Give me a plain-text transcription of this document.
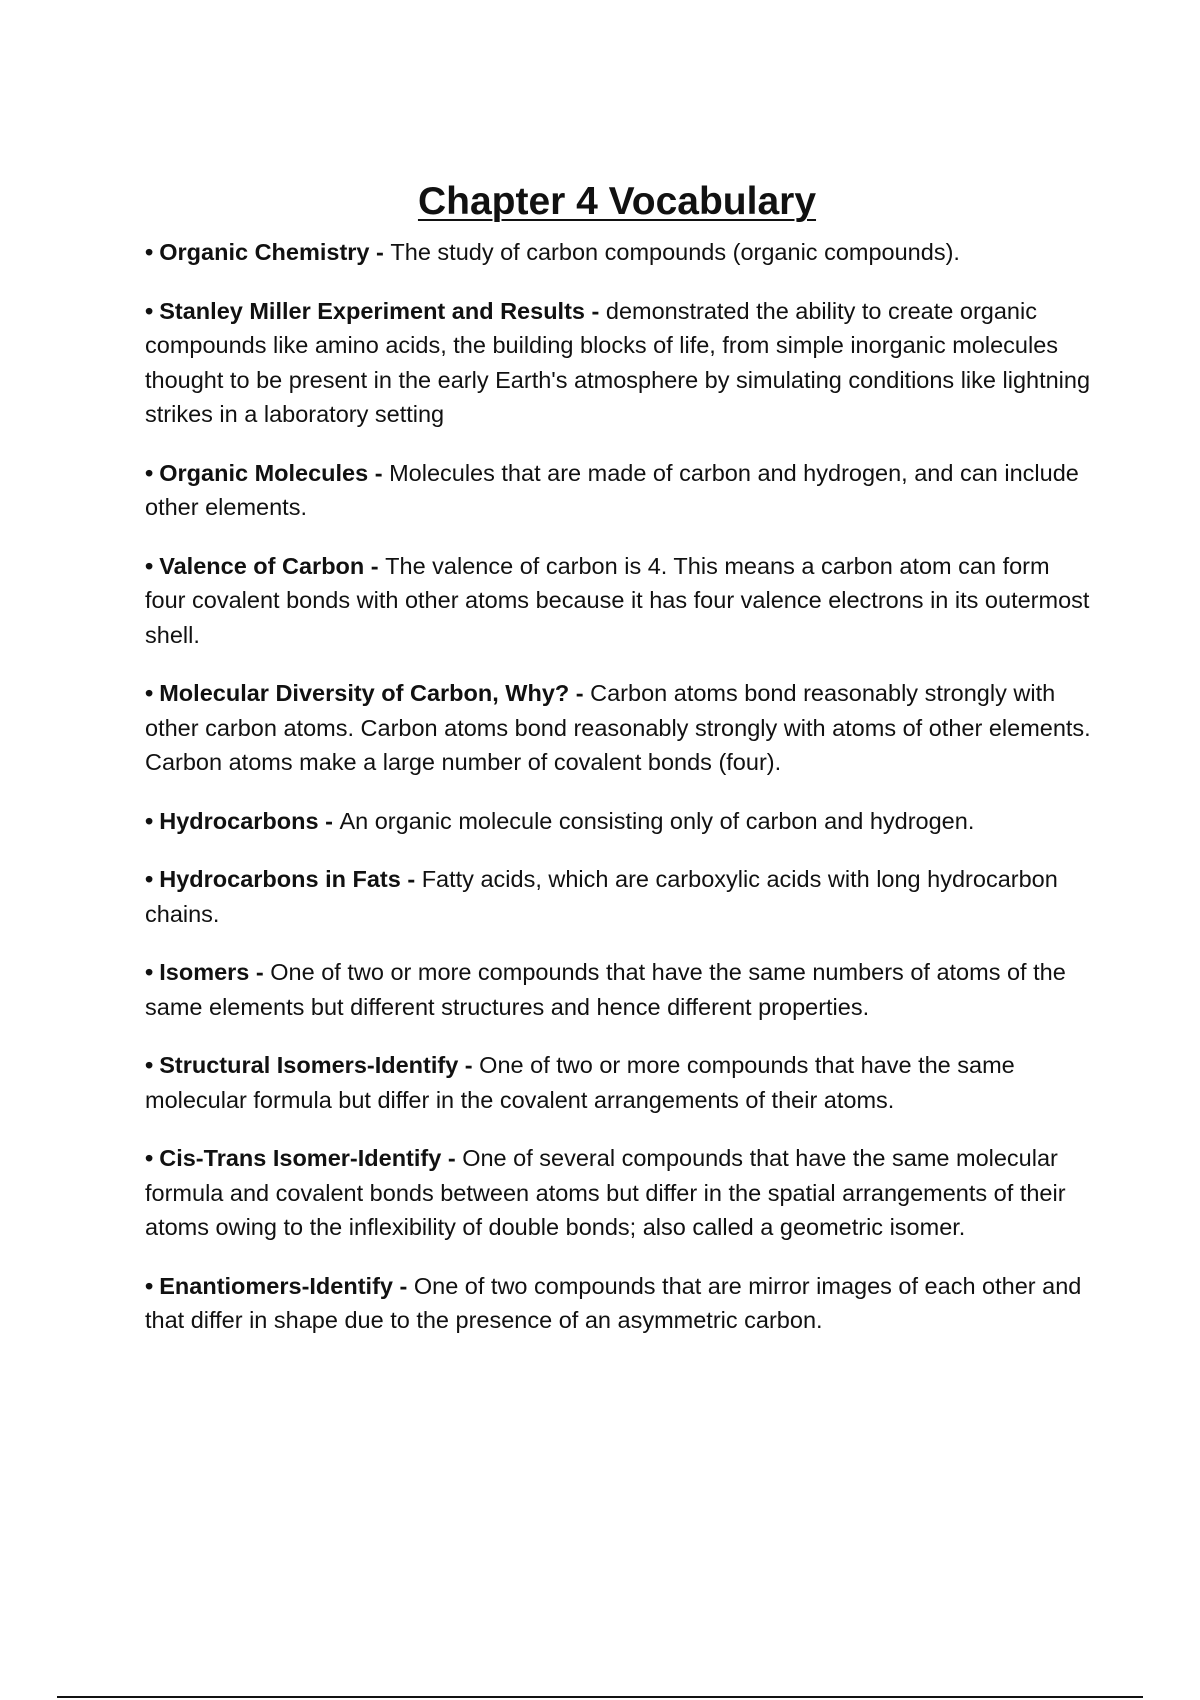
Chapter 4 Vocabulary
• Organic Chemistry - The study of carbon compounds (organic compounds).
• Stanley Miller Experiment and Results - demonstrated the ability to create organic compounds like amino acids, the building blocks of life, from simple inorganic molecules thought to be present in the early Earth's atmosphere by simulating conditions like lightning strikes in a laboratory setting
• Organic Molecules - Molecules that are made of carbon and hydrogen, and can include other elements.
• Valence of Carbon - The valence of carbon is 4. This means a carbon atom can form four covalent bonds with other atoms because it has four valence electrons in its outermost shell.
• Molecular Diversity of Carbon, Why? - Carbon atoms bond reasonably strongly with other carbon atoms. Carbon atoms bond reasonably strongly with atoms of other elements. Carbon atoms make a large number of covalent bonds (four).
• Hydrocarbons - An organic molecule consisting only of carbon and hydrogen.
• Hydrocarbons in Fats - Fatty acids, which are carboxylic acids with long hydrocarbon chains.
• Isomers - One of two or more compounds that have the same numbers of atoms of the same elements but different structures and hence different properties.
• Structural Isomers-Identify - One of two or more compounds that have the same molecular formula but differ in the covalent arrangements of their atoms.
• Cis-Trans Isomer-Identify - One of several compounds that have the same molecular formula and covalent bonds between atoms but differ in the spatial arrangements of their atoms owing to the inflexibility of double bonds; also called a geometric isomer.
• Enantiomers-Identify - One of two compounds that are mirror images of each other and that differ in shape due to the presence of an asymmetric carbon.
